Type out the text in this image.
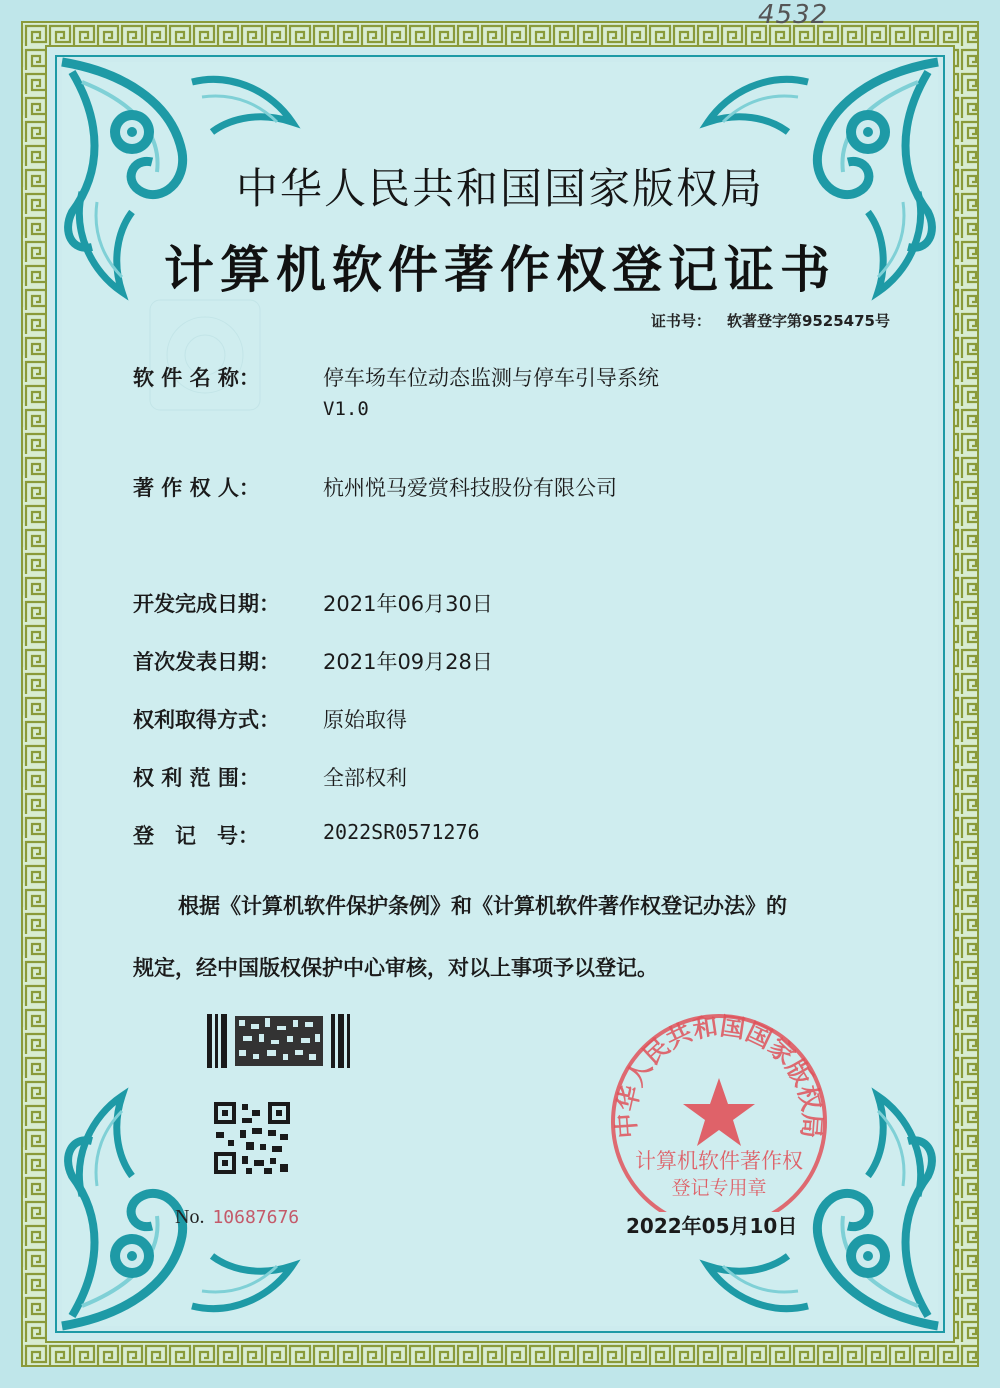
4532
中华人民共和国国家版权局
计算机软件著作权登记证书
证书号： 软著登字第9525475号
软 件 名 称：	停车场车位动态监测与停车引导系统
V1.0
著 作 权 人：	杭州悦马爱赏科技股份有限公司
开发完成日期：	2021年06月30日
首次发表日期：	2021年09月28日
权利取得方式：	原始取得
权 利 范 围：	全部权利
登　记　号：	2022SR0571276
根据《计算机软件保护条例》和《计算机软件著作权登记办法》的
规定，经中国版权保护中心审核，对以上事项予以登记。
No. 10687676
中华人民共和国国家版权局
计算机软件著作权
登记专用章
2022年05月10日
